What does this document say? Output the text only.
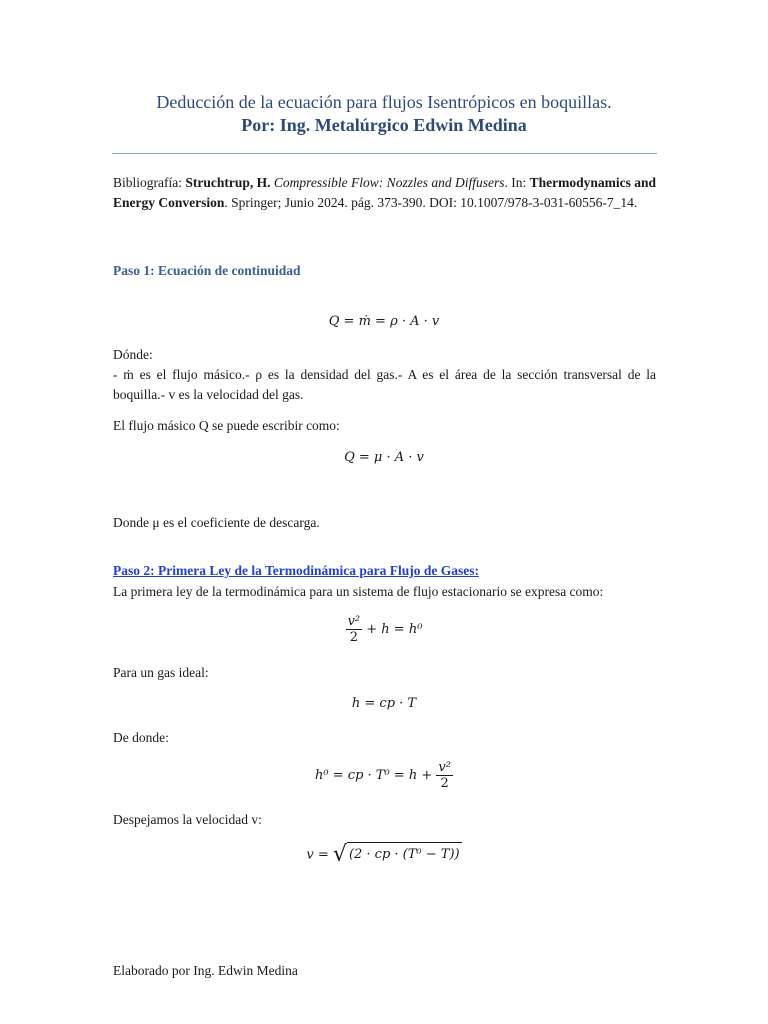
Deducción de la ecuación para flujos Isentrópicos en boquillas.
Por: Ing. Metalúrgico Edwin Medina
Bibliografía: Struchtrup, H. Compressible Flow: Nozzles and Diffusers. In: Thermodynamics and Energy Conversion. Springer; Junio 2024. pág. 373-390. DOI: 10.1007/978-3-031-60556-7_14.
Paso 1: Ecuación de continuidad
Q = ṁ = ρ · A · v
Dónde:
- ṁ es el flujo másico.- ρ es la densidad del gas.- A es el área de la sección transversal de la boquilla.- v es la velocidad del gas.
El flujo másico Q se puede escribir como:
Q = μ · A · v
Donde μ es el coeficiente de descarga.
Paso 2: Primera Ley de la Termodinámica para Flujo de Gases:
La primera ley de la termodinámica para un sistema de flujo estacionario se expresa como:
$\frac{\text{v²}}{2} + h = h^0$
Para un gas ideal:
h = cp · T
De donde:
h⁰ = cp · $T^0 = h + \frac{\text{v²}}{2}$
Despejamos la velocidad v:
v = √ (2 · cp · (T⁰ − T))
Elaborado por Ing. Edwin Medina
